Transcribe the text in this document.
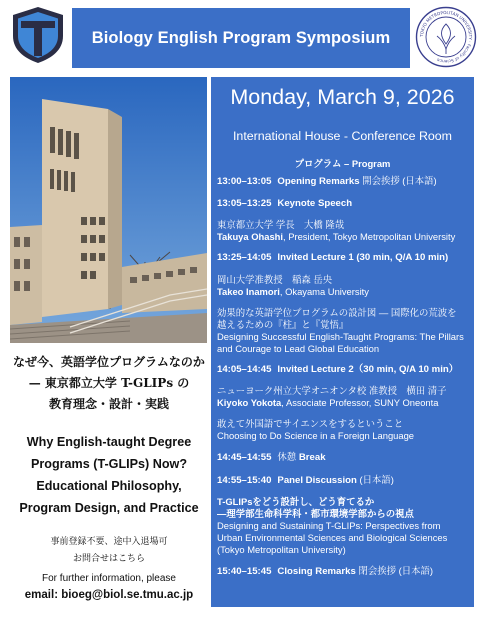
Biology English Program Symposium	TOKYO METROPOLITAN UNIVERSITY · Faculty of Science
なぜ今、英語学位プログラムなのか
— 東京都立大学 T-GLIPs の
教育理念・設計・実践
Why English-taught Degree
Programs (T-GLIPs) Now?
Educational Philosophy,
Program Design, and Practice
事前登録不要、途中入退場可
お問合せはこちら
For further information, please
email: bioeg@biol.se.tmu.ac.jp
Monday, March 9, 2026
International House - Conference Room
プログラム – Program
13:00–13:05 Opening Remarks 開会挨拶 (日本語)
13:05–13:25 Keynote Speech
東京都立大学 学長　大橋 隆哉
Takuya Ohashi, President, Tokyo Metropolitan University
13:25–14:05 Invited Lecture 1 (30 min, Q/A 10 min)
岡山大学准教授　稲森 岳央
Takeo Inamori, Okayama University
効果的な英語学位プログラムの設計図 — 国際化の荒波を
越えるための『柱』と『覚悟』
Designing Successful English-Taught Programs: The Pillars
and Courage to Lead Global Education
14:05–14:45 Invited Lecture 2（30 min, Q/A 10 min）
ニューヨーク州立大学オニオンタ校 准教授　横田 清子
Kiyoko Yokota, Associate Professor, SUNY Oneonta
敢えて外国語でサイエンスをするということ
Choosing to Do Science in a Foreign Language
14:45–14:55 休憩 Break
14:55–15:40 Panel Discussion (日本語)
T-GLIPsをどう設計し、どう育てるか
—理学部生命科学科・都市環境学部からの視点
Designing and Sustaining T-GLIPs: Perspectives from
Urban Environmental Sciences and Biological Sciences
(Tokyo Metropolitan University)
15:40–15:45 Closing Remarks 閉会挨拶 (日本語)
